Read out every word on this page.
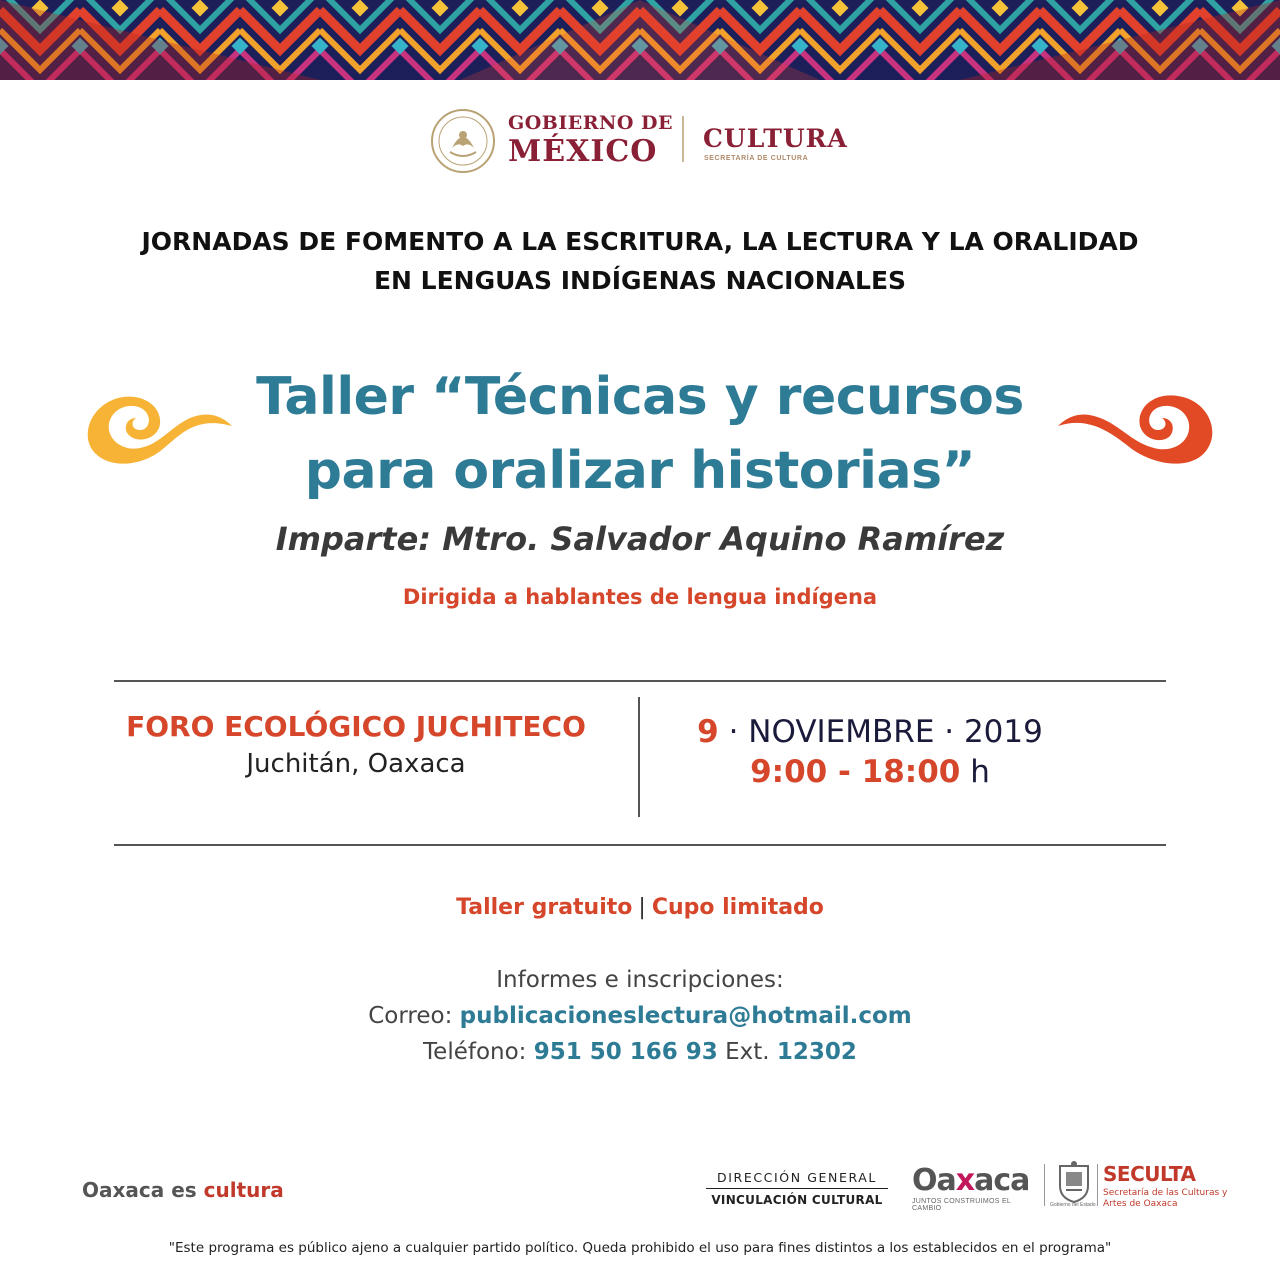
GOBIERNO DE
MÉXICO	CULTURA
SECRETARÍA DE CULTURA
JORNADAS DE FOMENTO A LA ESCRITURA, LA LECTURA Y LA ORALIDAD
EN LENGUAS INDÍGENAS NACIONALES
Taller “Técnicas y recursos
para oralizar historias”
Imparte: Mtro. Salvador Aquino Ramírez
Dirigida a hablantes de lengua indígena
FORO ECOLÓGICO JUCHITECO
Juchitán, Oaxaca
9 · NOVIEMBRE · 2019
9:00 - 18:00 h
Taller gratuito | Cupo limitado
Informes e inscripciones:
Correo: publicacioneslectura@hotmail.com
Teléfono: 951 50 166 93 Ext. 12302
Oaxaca es cultura
DIRECCIÓN GENERAL
VINCULACIÓN CULTURAL
Oaxaca
JUNTOS CONSTRUIMOS EL CAMBIO	Gobierno del Estado
SECULTA
Secretaría de las Culturas y
Artes de Oaxaca
"Este programa es público ajeno a cualquier partido político. Queda prohibido el uso para fines distintos a los establecidos en el programa"
